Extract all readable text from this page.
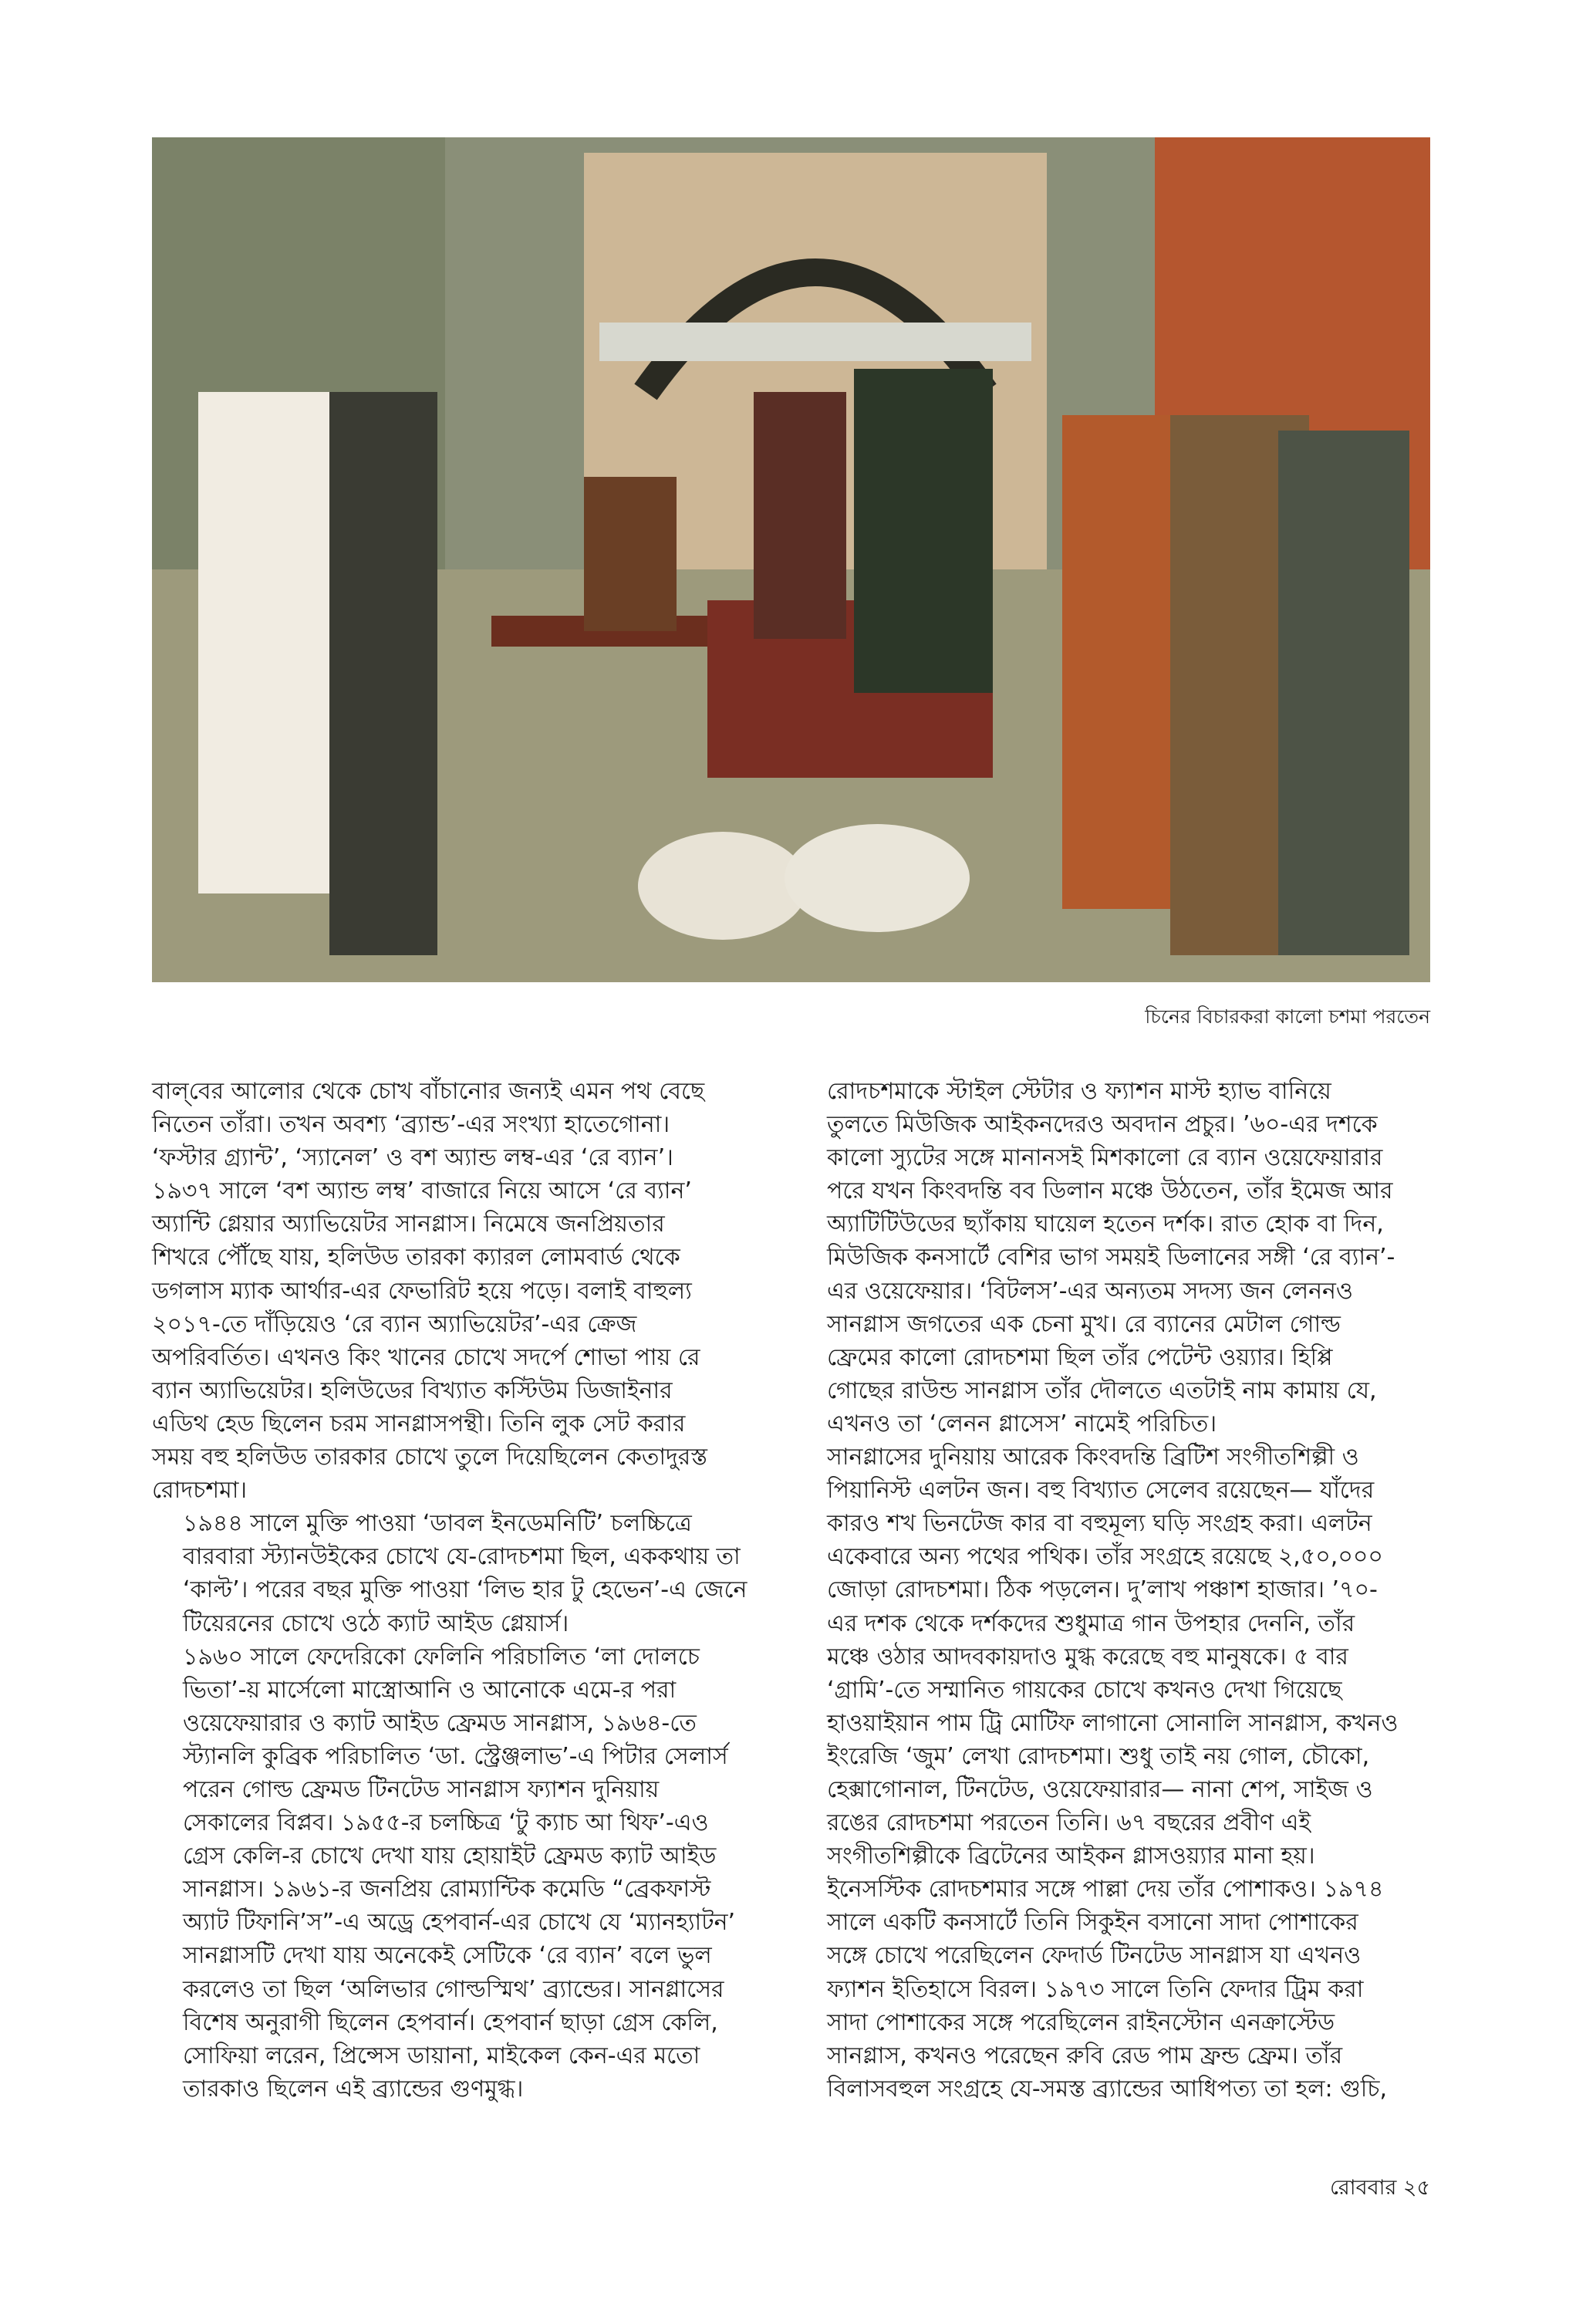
চিনের বিচারকরা কালো চশমা পরতেন

বাল্‌বের আলোর থেকে চোখ বাঁচানোর জন্যই এমন পথ বেছে
নিতেন তাঁরা। তখন অবশ্য ‘ব্র্যান্ড’-এর সংখ্যা হাতেগোনা।
‘ফস্টার গ্র্যান্ট’, ‘স্যানেল’ ও বশ অ্যান্ড লম্ব-এর ‘রে ব্যান’।
১৯৩৭ সালে ‘বশ অ্যান্ড লম্ব’ বাজারে নিয়ে আসে ‘রে ব্যান’
অ্যান্টি গ্লেয়ার অ্যাভিয়েটর সানগ্লাস। নিমেষে জনপ্রিয়তার
শিখরে পৌঁছে যায়, হলিউড তারকা ক্যারল লোমবার্ড থেকে
ডগলাস ম্যাক আর্থার-এর ফেভারিট হয়ে পড়ে। বলাই বাহুল্য
২০১৭-তে দাঁড়িয়েও ‘রে ব্যান অ্যাভিয়েটর’-এর ক্রেজ
অপরিবর্তিত। এখনও কিং খানের চোখে সদর্পে শোভা পায় রে
ব্যান অ্যাভিয়েটর। হলিউডের বিখ্যাত কস্টিউম ডিজাইনার
এডিথ হেড ছিলেন চরম সানগ্লাসপন্থী। তিনি লুক সেট করার
সময় বহু হলিউড তারকার চোখে তুলে দিয়েছিলেন কেতাদুরস্ত
রোদচশমা।

১৯৪৪ সালে মুক্তি পাওয়া ‘ডাবল ইনডেমনিটি’ চলচ্চিত্রে
বারবারা স্ট্যানউইকের চোখে যে-রোদচশমা ছিল, এককথায় তা
‘কাল্ট’। পরের বছর মুক্তি পাওয়া ‘লিভ হার টু হেভেন’-এ জেনে
টিয়েরনের চোখে ওঠে ক্যাট আইড গ্লেয়ার্স।

১৯৬০ সালে ফেদেরিকো ফেলিনি পরিচালিত ‘লা দোলচে
ভিতা’-য় মার্সেলো মাস্ত্রোআনি ও আনোকে এমে-র পরা
ওয়েফেয়ারার ও ক্যাট আইড ফ্রেমড সানগ্লাস, ১৯৬৪-তে
স্ট্যানলি কুব্রিক পরিচালিত ‘ডা. স্ট্রেঞ্জলাভ’-এ পিটার সেলার্স
পরেন গোল্ড ফ্রেমড টিনটেড সানগ্লাস ফ্যাশন দুনিয়ায়
সেকালের বিপ্লব। ১৯৫৫-র চলচ্চিত্র ‘টু ক্যাচ আ থিফ’-এও
গ্রেস কেলি-র চোখে দেখা যায় হোয়াইট ফ্রেমড ক্যাট আইড
সানগ্লাস। ১৯৬১-র জনপ্রিয় রোম্যান্টিক কমেডি “ব্রেকফাস্ট
অ্যাট টিফানি’স”-এ অড্রে হেপবার্ন-এর চোখে যে ‘ম্যানহ্যাটন’
সানগ্লাসটি দেখা যায় অনেকেই সেটিকে ‘রে ব্যান’ বলে ভুল
করলেও তা ছিল ‘অলিভার গোল্ডস্মিথ’ ব্র্যান্ডের। সানগ্লাসের
বিশেষ অনুরাগী ছিলেন হেপবার্ন। হেপবার্ন ছাড়া গ্রেস কেলি,
সোফিয়া লরেন, প্রিন্সেস ডায়ানা, মাইকেল কেন-এর মতো
তারকাও ছিলেন এই ব্র্যান্ডের গুণমুগ্ধ।

রোদচশমাকে স্টাইল স্টেটার ও ফ্যাশন মাস্ট হ্যাভ বানিয়ে
তুলতে মিউজিক আইকনদেরও অবদান প্রচুর। ’৬০-এর দশকে
কালো স্যুটের সঙ্গে মানানসই মিশকালো রে ব্যান ওয়েফেয়ারার
পরে যখন কিংবদন্তি বব ডিলান মঞ্চে উঠতেন, তাঁর ইমেজ আর
অ্যাটিটিউডের ছ্যাঁকায় ঘায়েল হতেন দর্শক। রাত হোক বা দিন,
মিউজিক কনসার্টে বেশির ভাগ সময়ই ডিলানের সঙ্গী ‘রে ব্যান’-
এর ওয়েফেয়ার। ‘বিটলস’-এর অন্যতম সদস্য জন লেননও
সানগ্লাস জগতের এক চেনা মুখ। রে ব্যানের মেটাল গোল্ড
ফ্রেমের কালো রোদচশমা ছিল তাঁর পেটেন্ট ওয়্যার। হিপ্পি
গোছের রাউন্ড সানগ্লাস তাঁর দৌলতে এতটাই নাম কামায় যে,
এখনও তা ‘লেনন গ্লাসেস’ নামেই পরিচিত।

সানগ্লাসের দুনিয়ায় আরেক কিংবদন্তি ব্রিটিশ সংগীতশিল্পী ও
পিয়ানিস্ট এলটন জন। বহু বিখ্যাত সেলেব রয়েছেন— যাঁদের
কারও শখ ভিনটেজ কার বা বহুমূল্য ঘড়ি সংগ্রহ করা। এলটন
একেবারে অন্য পথের পথিক। তাঁর সংগ্রহে রয়েছে ২,৫০,০০০
জোড়া রোদচশমা। ঠিক পড়লেন। দু’লাখ পঞ্চাশ হাজার। ’৭০-
এর দশক থেকে দর্শকদের শুধুমাত্র গান উপহার দেননি, তাঁর
মঞ্চে ওঠার আদবকায়দাও মুগ্ধ করেছে বহু মানুষকে। ৫ বার
‘গ্রামি’-তে সম্মানিত গায়কের চোখে কখনও দেখা গিয়েছে
হাওয়াইয়ান পাম ট্রি মোটিফ লাগানো সোনালি সানগ্লাস, কখনও
ইংরেজি ‘জুম’ লেখা রোদচশমা। শুধু তাই নয় গোল, চৌকো,
হেক্সাগোনাল, টিনটেড, ওয়েফেয়ারার— নানা শেপ, সাইজ ও
রঙের রোদচশমা পরতেন তিনি। ৬৭ বছরের প্রবীণ এই
সংগীতশিল্পীকে ব্রিটেনের আইকন গ্লাসওয়্যার মানা হয়।
ইনেসস্টিক রোদচশমার সঙ্গে পাল্লা দেয় তাঁর পোশাকও। ১৯৭৪
সালে একটি কনসার্টে তিনি সিকুইন বসানো সাদা পোশাকের
সঙ্গে চোখে পরেছিলেন ফেদার্ড টিনটেড সানগ্লাস যা এখনও
ফ্যাশন ইতিহাসে বিরল। ১৯৭৩ সালে তিনি ফেদার ট্রিম করা
সাদা পোশাকের সঙ্গে পরেছিলেন রাইনস্টোন এনক্রাস্টেড
সানগ্লাস, কখনও পরেছেন রুবি রেড পাম ফ্রন্ড ফ্রেম। তাঁর
বিলাসবহুল সংগ্রহে যে-সমস্ত ব্র্যান্ডের আধিপত্য তা হল: গুচি,

রোববার ২৫
